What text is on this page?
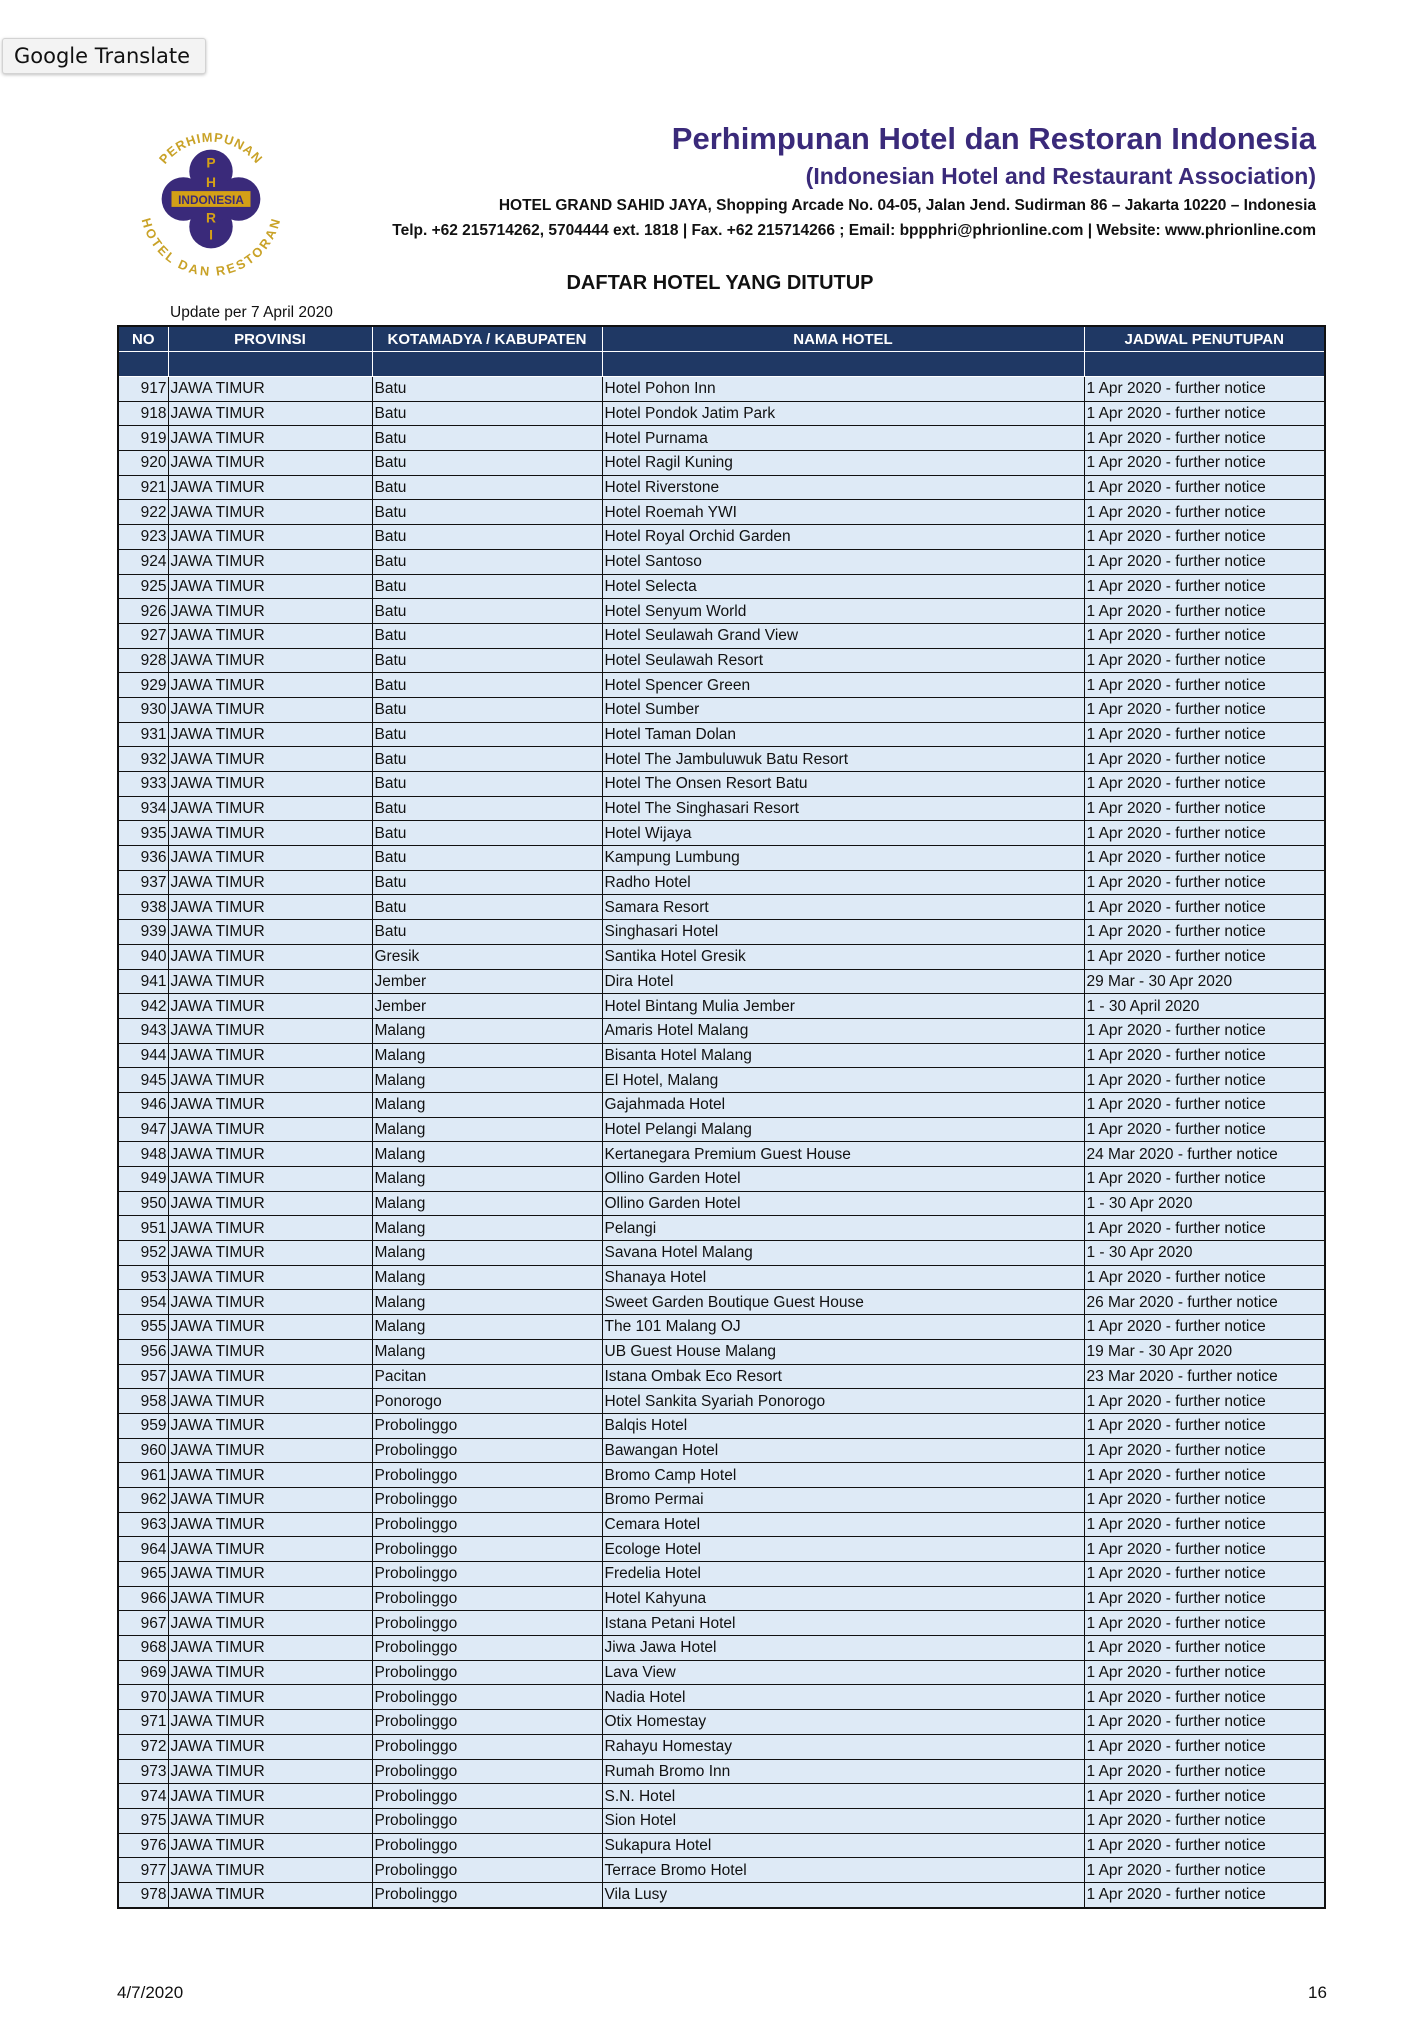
Google Translate
INDONESIA
P
H
R
I
PERHIMPUNAN
HOTEL DAN RESTORAN
Perhimpunan Hotel dan Restoran Indonesia
(Indonesian Hotel and Restaurant Association)
HOTEL GRAND SAHID JAYA, Shopping Arcade No. 04-05, Jalan Jend. Sudirman 86 – Jakarta 10220 – Indonesia
Telp. +62 215714262, 5704444 ext. 1818 | Fax. +62 215714266 ; Email: bppphri@phrionline.com | Website: www.phrionline.com
DAFTAR HOTEL YANG DITUTUP
Update per 7 April 2020
NO	PROVINSI	KOTAMADYA / KABUPATEN	NAMA HOTEL	JADWAL PENUTUPAN

917	JAWA TIMUR	Batu	Hotel Pohon Inn	1 Apr 2020 - further notice
918	JAWA TIMUR	Batu	Hotel Pondok Jatim Park	1 Apr 2020 - further notice
919	JAWA TIMUR	Batu	Hotel Purnama	1 Apr 2020 - further notice
920	JAWA TIMUR	Batu	Hotel Ragil Kuning	1 Apr 2020 - further notice
921	JAWA TIMUR	Batu	Hotel Riverstone	1 Apr 2020 - further notice
922	JAWA TIMUR	Batu	Hotel Roemah YWI	1 Apr 2020 - further notice
923	JAWA TIMUR	Batu	Hotel Royal Orchid Garden	1 Apr 2020 - further notice
924	JAWA TIMUR	Batu	Hotel Santoso	1 Apr 2020 - further notice
925	JAWA TIMUR	Batu	Hotel Selecta	1 Apr 2020 - further notice
926	JAWA TIMUR	Batu	Hotel Senyum World	1 Apr 2020 - further notice
927	JAWA TIMUR	Batu	Hotel Seulawah Grand View	1 Apr 2020 - further notice
928	JAWA TIMUR	Batu	Hotel Seulawah Resort	1 Apr 2020 - further notice
929	JAWA TIMUR	Batu	Hotel Spencer Green	1 Apr 2020 - further notice
930	JAWA TIMUR	Batu	Hotel Sumber	1 Apr 2020 - further notice
931	JAWA TIMUR	Batu	Hotel Taman Dolan	1 Apr 2020 - further notice
932	JAWA TIMUR	Batu	Hotel The Jambuluwuk Batu Resort	1 Apr 2020 - further notice
933	JAWA TIMUR	Batu	Hotel The Onsen Resort Batu	1 Apr 2020 - further notice
934	JAWA TIMUR	Batu	Hotel The Singhasari Resort	1 Apr 2020 - further notice
935	JAWA TIMUR	Batu	Hotel Wijaya	1 Apr 2020 - further notice
936	JAWA TIMUR	Batu	Kampung Lumbung	1 Apr 2020 - further notice
937	JAWA TIMUR	Batu	Radho Hotel	1 Apr 2020 - further notice
938	JAWA TIMUR	Batu	Samara Resort	1 Apr 2020 - further notice
939	JAWA TIMUR	Batu	Singhasari Hotel	1 Apr 2020 - further notice
940	JAWA TIMUR	Gresik	Santika Hotel Gresik	1 Apr 2020 - further notice
941	JAWA TIMUR	Jember	Dira Hotel	29 Mar - 30 Apr 2020
942	JAWA TIMUR	Jember	Hotel Bintang Mulia Jember	1 - 30 April 2020
943	JAWA TIMUR	Malang	Amaris Hotel Malang	1 Apr 2020 - further notice
944	JAWA TIMUR	Malang	Bisanta Hotel Malang	1 Apr 2020 - further notice
945	JAWA TIMUR	Malang	El Hotel, Malang	1 Apr 2020 - further notice
946	JAWA TIMUR	Malang	Gajahmada Hotel	1 Apr 2020 - further notice
947	JAWA TIMUR	Malang	Hotel Pelangi Malang	1 Apr 2020 - further notice
948	JAWA TIMUR	Malang	Kertanegara Premium Guest House	24 Mar 2020 - further notice
949	JAWA TIMUR	Malang	Ollino Garden Hotel	1 Apr 2020 - further notice
950	JAWA TIMUR	Malang	Ollino Garden Hotel	1 - 30 Apr 2020
951	JAWA TIMUR	Malang	Pelangi	1 Apr 2020 - further notice
952	JAWA TIMUR	Malang	Savana Hotel Malang	1 - 30 Apr 2020
953	JAWA TIMUR	Malang	Shanaya Hotel	1 Apr 2020 - further notice
954	JAWA TIMUR	Malang	Sweet Garden Boutique Guest House	26 Mar 2020 - further notice
955	JAWA TIMUR	Malang	The 101 Malang OJ	1 Apr 2020 - further notice
956	JAWA TIMUR	Malang	UB Guest House Malang	19 Mar - 30 Apr 2020
957	JAWA TIMUR	Pacitan	Istana Ombak Eco Resort	23 Mar 2020 - further notice
958	JAWA TIMUR	Ponorogo	Hotel Sankita Syariah Ponorogo	1 Apr 2020 - further notice
959	JAWA TIMUR	Probolinggo	Balqis Hotel	1 Apr 2020 - further notice
960	JAWA TIMUR	Probolinggo	Bawangan Hotel	1 Apr 2020 - further notice
961	JAWA TIMUR	Probolinggo	Bromo Camp Hotel	1 Apr 2020 - further notice
962	JAWA TIMUR	Probolinggo	Bromo Permai	1 Apr 2020 - further notice
963	JAWA TIMUR	Probolinggo	Cemara Hotel	1 Apr 2020 - further notice
964	JAWA TIMUR	Probolinggo	Ecologe Hotel	1 Apr 2020 - further notice
965	JAWA TIMUR	Probolinggo	Fredelia Hotel	1 Apr 2020 - further notice
966	JAWA TIMUR	Probolinggo	Hotel Kahyuna	1 Apr 2020 - further notice
967	JAWA TIMUR	Probolinggo	Istana Petani Hotel	1 Apr 2020 - further notice
968	JAWA TIMUR	Probolinggo	Jiwa Jawa Hotel	1 Apr 2020 - further notice
969	JAWA TIMUR	Probolinggo	Lava View	1 Apr 2020 - further notice
970	JAWA TIMUR	Probolinggo	Nadia Hotel	1 Apr 2020 - further notice
971	JAWA TIMUR	Probolinggo	Otix Homestay	1 Apr 2020 - further notice
972	JAWA TIMUR	Probolinggo	Rahayu Homestay	1 Apr 2020 - further notice
973	JAWA TIMUR	Probolinggo	Rumah Bromo Inn	1 Apr 2020 - further notice
974	JAWA TIMUR	Probolinggo	S.N. Hotel	1 Apr 2020 - further notice
975	JAWA TIMUR	Probolinggo	Sion Hotel	1 Apr 2020 - further notice
976	JAWA TIMUR	Probolinggo	Sukapura Hotel	1 Apr 2020 - further notice
977	JAWA TIMUR	Probolinggo	Terrace Bromo Hotel	1 Apr 2020 - further notice
978	JAWA TIMUR	Probolinggo	Vila Lusy	1 Apr 2020 - further notice
4/7/2020	16
